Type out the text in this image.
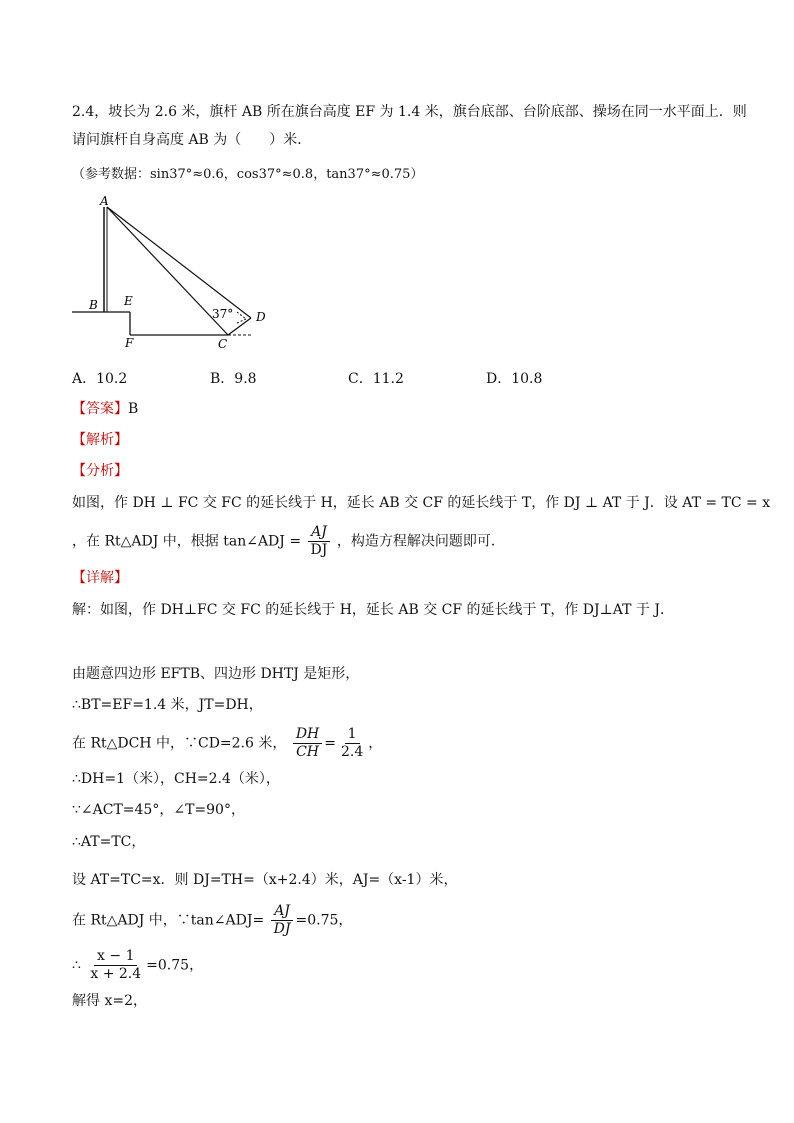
2.4，坡长为 2.6 米，旗杆 AB 所在旗台高度 EF 为 1.4 米，旗台底部、台阶底部、操场在同一水平面上．则
请问旗杆自身高度 AB 为（　　）米．
（参考数据：sin37°≈0.6，cos37°≈0.8，tan37°≈0.75）
A
B E
F	C
D
37°
A．10.2	B．9.8	C．11.2	D．10.8
【答案】B
【解析】
【分析】
如图，作 DH ⊥ FC 交 FC 的延长线于 H，延长 AB 交 CF 的延长线于 T，作 DJ ⊥ AT 于 J．设 AT = TC = x
，在 Rt△ADJ 中，根据 tan∠ADJ = $\frac{AJ}{DJ}$ ，构造方程解决问题即可．
【详解】
解：如图，作 DH⊥FC 交 FC 的延长线于 H，延长 AB 交 CF 的延长线于 T，作 DJ⊥AT 于 J．
由题意四边形 EFTB、四边形 DHTJ 是矩形，
∴BT=EF=1.4 米，JT=DH，
在 Rt△DCH 中，∵CD=2.6 米， $\frac{DH}{CH} = \frac{1}{2.4}$ ，
∴DH=1（米），CH=2.4（米），
∵∠ACT=45°，∠T=90°，
∴AT=TC，
设 AT=TC=x．则 DJ=TH=（x+2.4）米，AJ=（x-1）米，
在 Rt△ADJ 中，∵tan∠ADJ= $\frac{AJ}{DJ} =0.75$，
∴ $\frac{x - 1}{x + 2.4} =0.75$，
解得 x=2，
